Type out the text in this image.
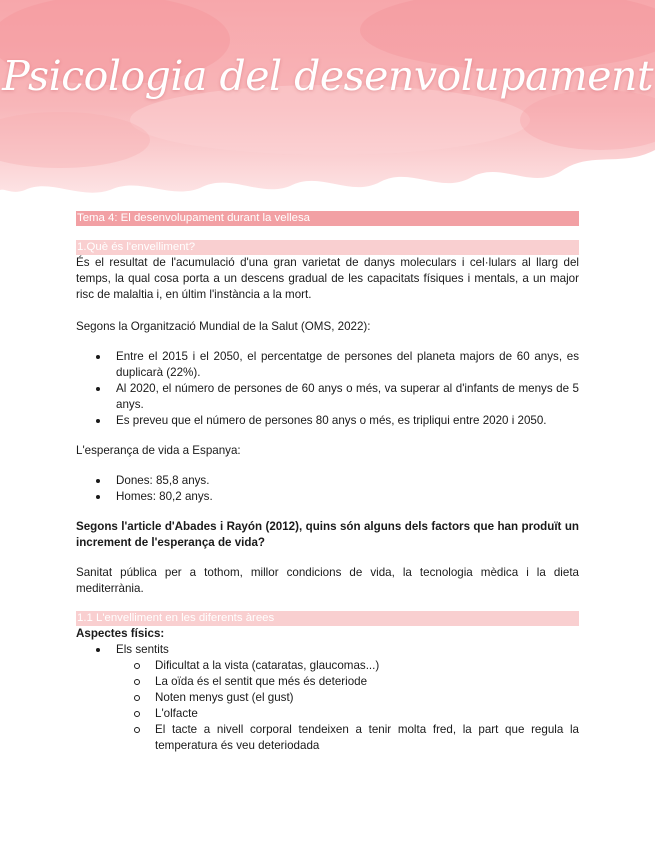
Psicologia del desenvolupament
Tema 4: El desenvolupament durant la vellesa
1.Què és l'envelliment?

És el resultat de l'acumulació d'una gran varietat de danys moleculars i cel·lulars al llarg del temps, la qual cosa porta a un descens gradual de les capacitats físiques i mentals, a un major risc de malaltia i, en últim l'instància a la mort.

Segons la Organització Mundial de la Salut (OMS, 2022):

Entre el 2015 i el 2050, el percentatge de persones del planeta majors de 60 anys, es duplicarà (22%).
Al 2020, el número de persones de 60 anys o més, va superar al d'infants de menys de 5 anys.
Es preveu que el número de persones 80 anys o més, es tripliqui entre 2020 i 2050.

L'esperança de vida a Espanya:

Dones: 85,8 anys.
Homes: 80,2 anys.

Segons l'article d'Abades i Rayón (2012), quins són alguns dels factors que han produït un increment de l'esperança de vida?

Sanitat pública per a tothom, millor condicions de vida, la tecnologia mèdica i la dieta mediterrània.

1.1 L'envelliment en les diferents àrees

Aspectes físics:

Els sentits
Dificultat a la vista (cataratas, glaucomas...)
La oïda és el sentit que més és deteriode
Noten menys gust (el gust)
L'olfacte
El tacte a nivell corporal tendeixen a tenir molta fred, la part que regula la temperatura és veu deteriodada
